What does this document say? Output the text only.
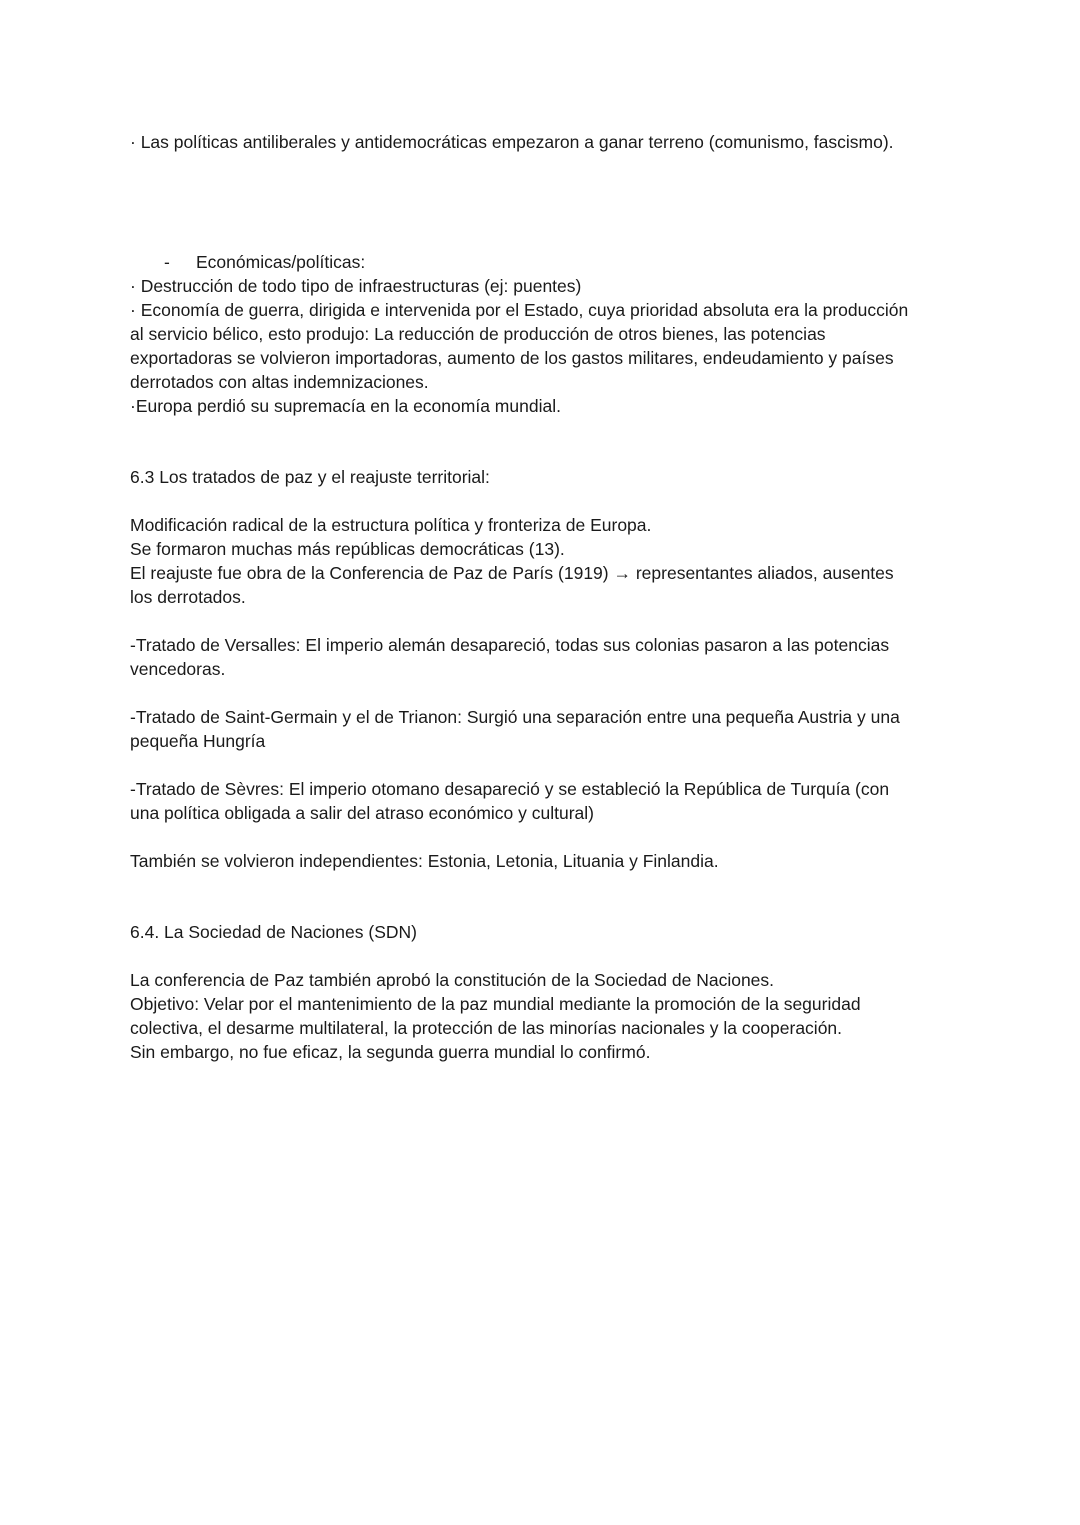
· Las políticas antiliberales y antidemocráticas empezaron a ganar terreno (comunismo, fascismo).
- Económicas/políticas:
· Destrucción de todo tipo de infraestructuras (ej: puentes)
· Economía de guerra, dirigida e intervenida por el Estado, cuya prioridad absoluta era la producción
al servicio bélico, esto produjo: La reducción de producción de otros bienes, las potencias
exportadoras se volvieron importadoras, aumento de los gastos militares, endeudamiento y países
derrotados con altas indemnizaciones.
·Europa perdió su supremacía en la economía mundial.
6.3 Los tratados de paz y el reajuste territorial:
Modificación radical de la estructura política y fronteriza de Europa.
Se formaron muchas más repúblicas democráticas (13).
El reajuste fue obra de la Conferencia de Paz de París (1919) → representantes aliados, ausentes
los derrotados.
-Tratado de Versalles: El imperio alemán desapareció, todas sus colonias pasaron a las potencias
vencedoras.
-Tratado de Saint-Germain y el de Trianon: Surgió una separación entre una pequeña Austria y una
pequeña Hungría
-Tratado de Sèvres: El imperio otomano desapareció y se estableció la República de Turquía (con
una política obligada a salir del atraso económico y cultural)
También se volvieron independientes: Estonia, Letonia, Lituania y Finlandia.
6.4. La Sociedad de Naciones (SDN)
La conferencia de Paz también aprobó la constitución de la Sociedad de Naciones.
Objetivo: Velar por el mantenimiento de la paz mundial mediante la promoción de la seguridad
colectiva, el desarme multilateral, la protección de las minorías nacionales y la cooperación.
Sin embargo, no fue eficaz, la segunda guerra mundial lo confirmó.
